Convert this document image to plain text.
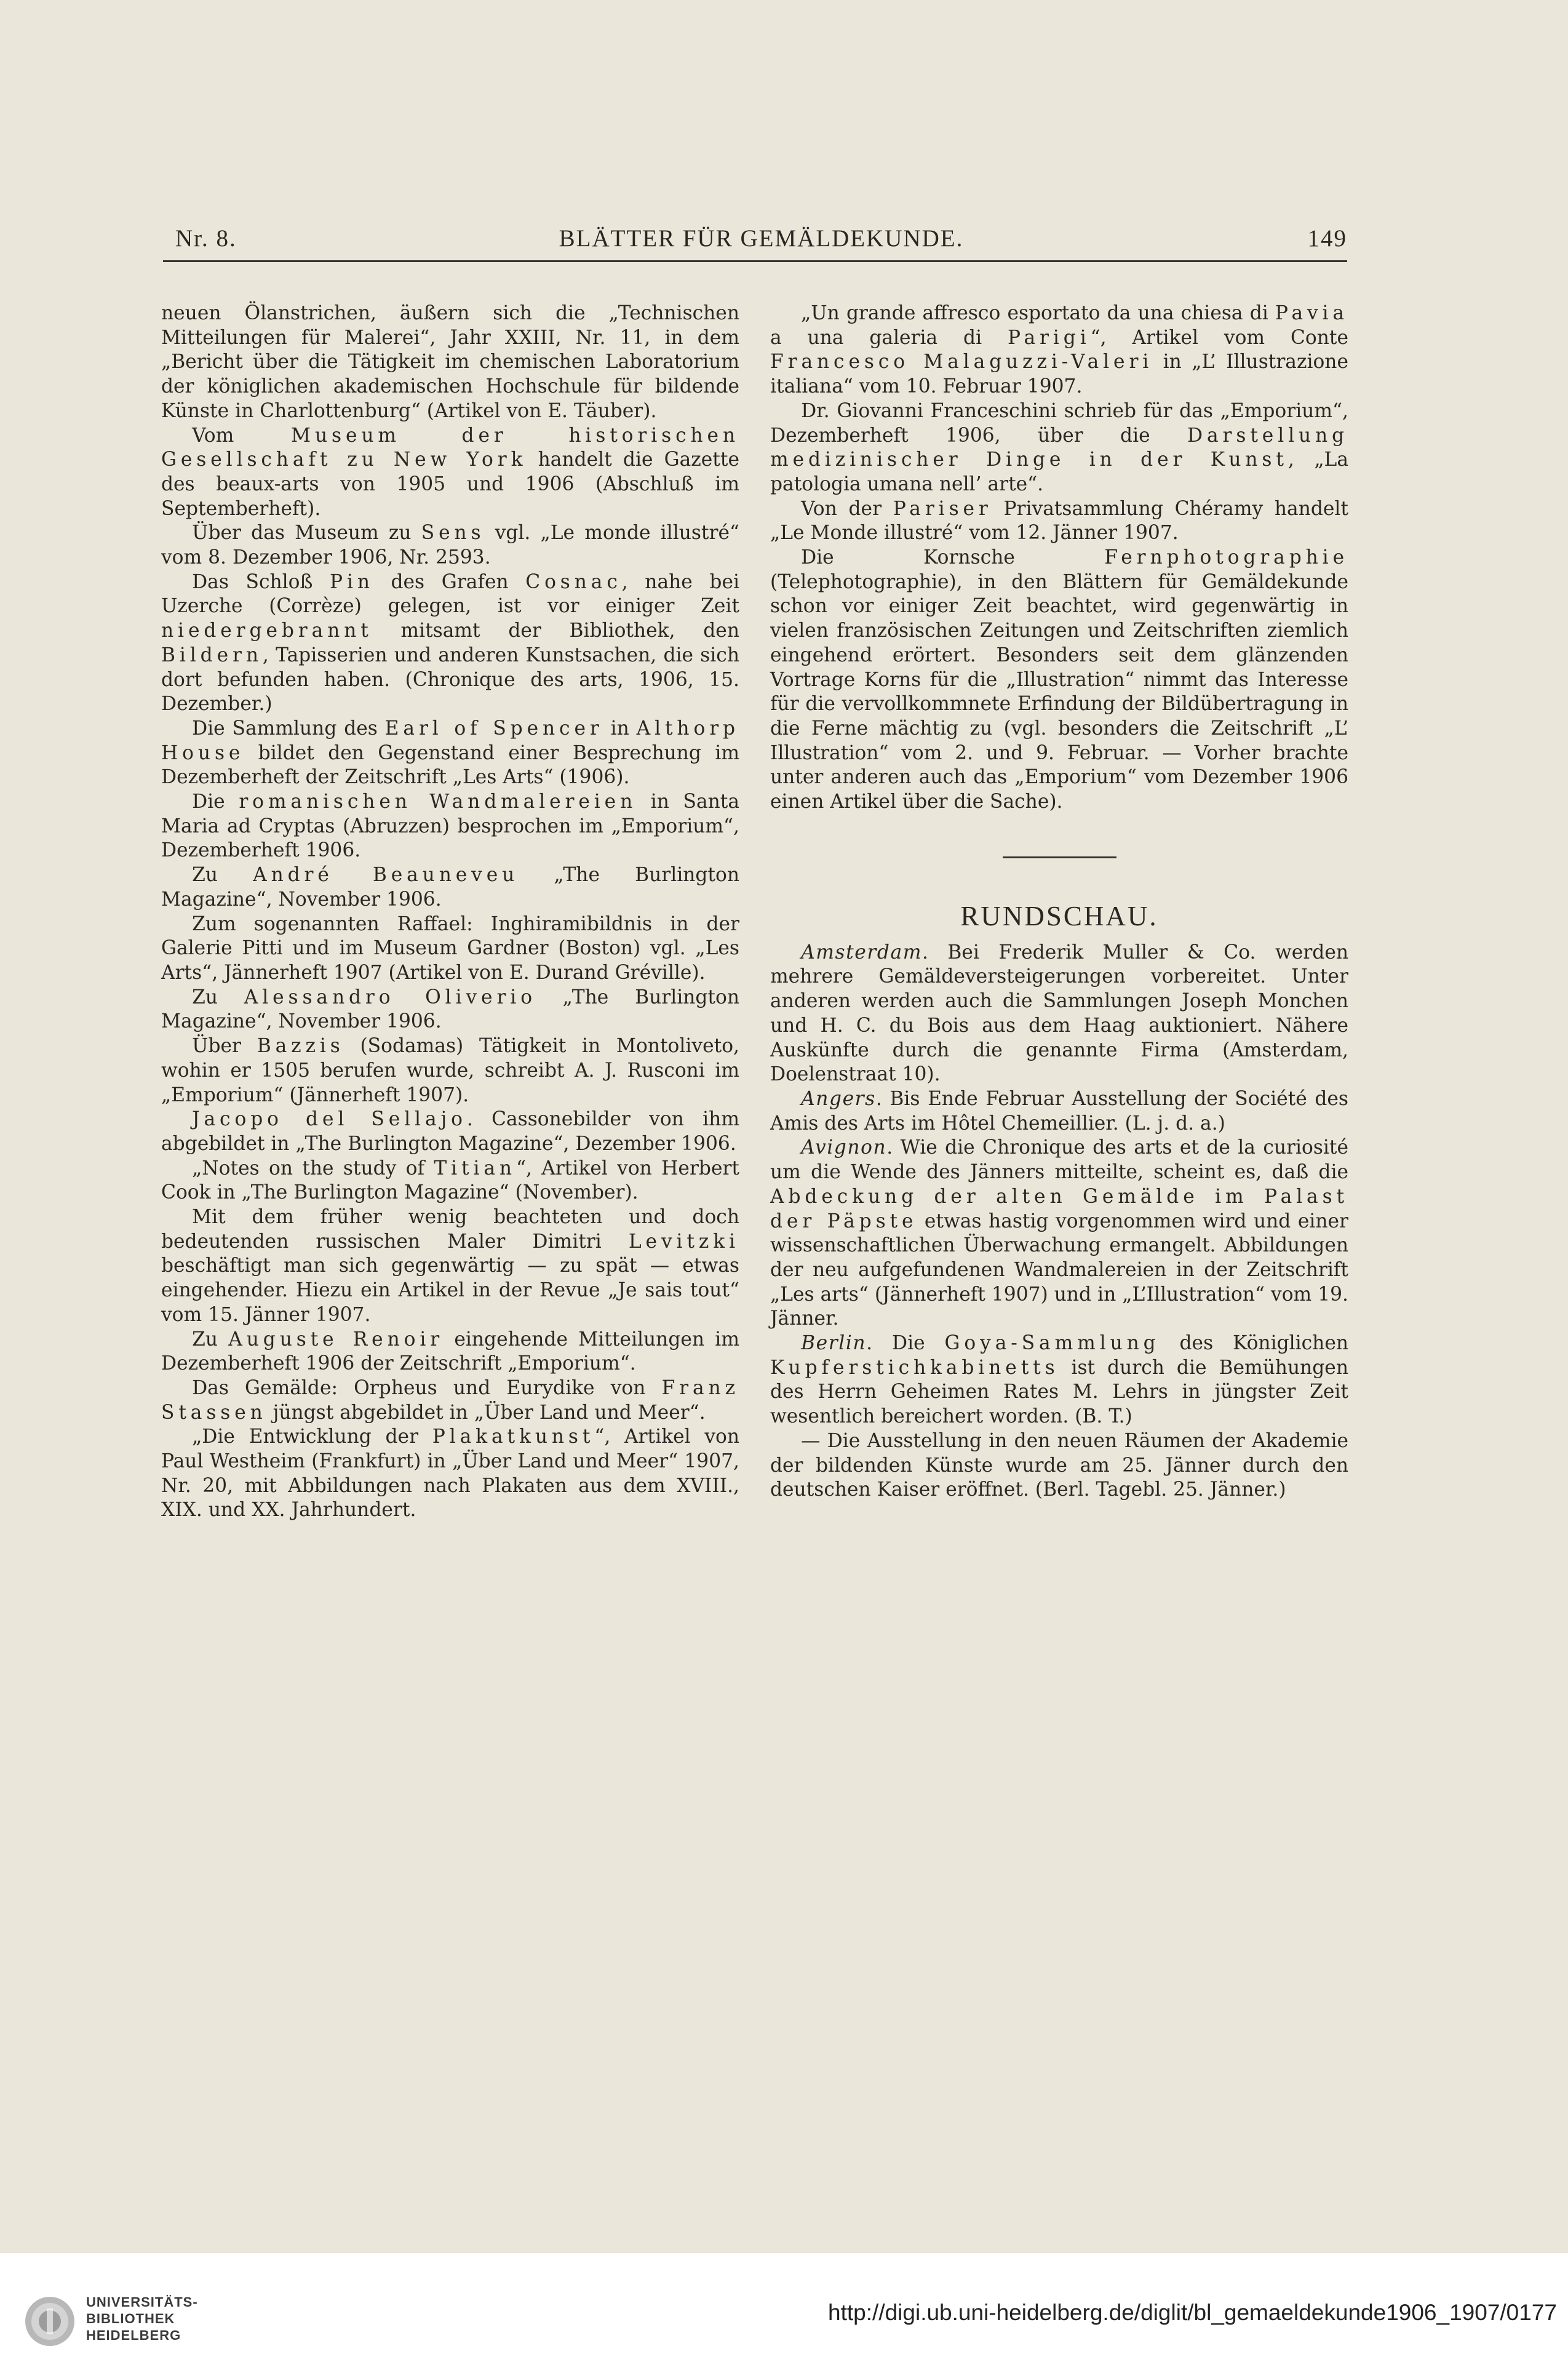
Nr. 8.	BLÄTTER FÜR GEMÄLDEKUNDE.	149

neuen Ölanstrichen, äußern sich die „Technischen Mitteilungen für Malerei“, Jahr XXIII, Nr. 11, in dem „Bericht über die Tätigkeit im chemischen Laboratorium der königlichen akademischen Hochschule für bildende Künste in Charlottenburg“ (Artikel von E. Täuber).

Vom Museum der historischen Gesellschaft zu New York handelt die Gazette des beaux-arts von 1905 und 1906 (Abschluß im Septemberheft).

Über das Museum zu Sens vgl. „Le monde illustré“ vom 8. Dezember 1906, Nr. 2593.

Das Schloß Pin des Grafen Cosnac, nahe bei Uzerche (Corrèze) gelegen, ist vor einiger Zeit niedergebrannt mitsamt der Bibliothek, den Bildern, Tapisserien und anderen Kunstsachen, die sich dort befunden haben. (Chronique des arts, 1906, 15. Dezember.)

Die Sammlung des Earl of Spencer in Althorp House bildet den Gegenstand einer Besprechung im Dezemberheft der Zeitschrift „Les Arts“ (1906).

Die romanischen Wandmalereien in Santa Maria ad Cryptas (Abruzzen) besprochen im „Emporium“, Dezemberheft 1906.

Zu André Beauneveu „The Burlington Magazine“, November 1906.

Zum sogenannten Raffael: Inghiramibildnis in der Galerie Pitti und im Museum Gardner (Boston) vgl. „Les Arts“, Jännerheft 1907 (Artikel von E. Durand Gréville).

Zu Alessandro Oliverio „The Burlington Magazine“, November 1906.

Über Bazzis (Sodamas) Tätigkeit in Montoliveto, wohin er 1505 berufen wurde, schreibt A. J. Rusconi im „Emporium“ (Jännerheft 1907).

Jacopo del Sellajo. Cassonebilder von ihm abgebildet in „The Burlington Magazine“, Dezember 1906.

„Notes on the study of Titian“, Artikel von Herbert Cook in „The Burlington Magazine“ (November).

Mit dem früher wenig beachteten und doch bedeutenden russischen Maler Dimitri Levitzki beschäftigt man sich gegenwärtig — zu spät — etwas eingehender. Hiezu ein Artikel in der Revue „Je sais tout“ vom 15. Jänner 1907.

Zu Auguste Renoir eingehende Mitteilungen im Dezemberheft 1906 der Zeitschrift „Emporium“.

Das Gemälde: Orpheus und Eurydike von Franz Stassen jüngst abgebildet in „Über Land und Meer“.

„Die Entwicklung der Plakatkunst“, Artikel von Paul Westheim (Frankfurt) in „Über Land und Meer“ 1907, Nr. 20, mit Abbildungen nach Plakaten aus dem XVIII., XIX. und XX. Jahrhundert.

„Un grande affresco esportato da una chiesa di Pavia a una galeria di Parigi“, Artikel vom Conte Francesco Malaguzzi-Valeri in „L’ Illustrazione italiana“ vom 10. Februar 1907.

Dr. Giovanni Franceschini schrieb für das „Emporium“, Dezemberheft 1906, über die Darstellung medizinischer Dinge in der Kunst, „La patologia umana nell’ arte“.

Von der Pariser Privatsammlung Chéramy handelt „Le Monde illustré“ vom 12. Jänner 1907.

Die Kornsche Fernphotographie (Telephotographie), in den Blättern für Gemäldekunde schon vor einiger Zeit beachtet, wird gegenwärtig in vielen französischen Zeitungen und Zeitschriften ziemlich eingehend erörtert. Besonders seit dem glänzenden Vortrage Korns für die „Illustration“ nimmt das Interesse für die vervollkommnete Erfindung der Bildübertragung in die Ferne mächtig zu (vgl. besonders die Zeitschrift „L’ Illustration“ vom 2. und 9. Februar. — Vorher brachte unter anderen auch das „Emporium“ vom Dezember 1906 einen Artikel über die Sache).

RUNDSCHAU.

Amsterdam. Bei Frederik Muller & Co. werden mehrere Gemäldeversteigerungen vorbereitet. Unter anderen werden auch die Sammlungen Joseph Monchen und H. C. du Bois aus dem Haag auktioniert. Nähere Auskünfte durch die genannte Firma (Amsterdam, Doelenstraat 10).

Angers. Bis Ende Februar Ausstellung der Société des Amis des Arts im Hôtel Chemeillier. (L. j. d. a.)

Avignon. Wie die Chronique des arts et de la curiosité um die Wende des Jänners mitteilte, scheint es, daß die Abdeckung der alten Gemälde im Palast der Päpste etwas hastig vorgenommen wird und einer wissenschaftlichen Überwachung ermangelt. Abbildungen der neu aufgefundenen Wandmalereien in der Zeitschrift „Les arts“ (Jännerheft 1907) und in „L’Illustration“ vom 19. Jänner.

Berlin. Die Goya-Sammlung des Königlichen Kupferstichkabinetts ist durch die Bemühungen des Herrn Geheimen Rates M. Lehrs in jüngster Zeit wesentlich bereichert worden. (B. T.)

— Die Ausstellung in den neuen Räumen der Akademie der bildenden Künste wurde am 25. Jänner durch den deutschen Kaiser eröffnet. (Berl. Tagebl. 25. Jänner.)

UNIVERSITÄTS-
BIBLIOTHEK
HEIDELBERG
http://digi.ub.uni-heidelberg.de/diglit/bl_gemaeldekunde1906_1907/0177
